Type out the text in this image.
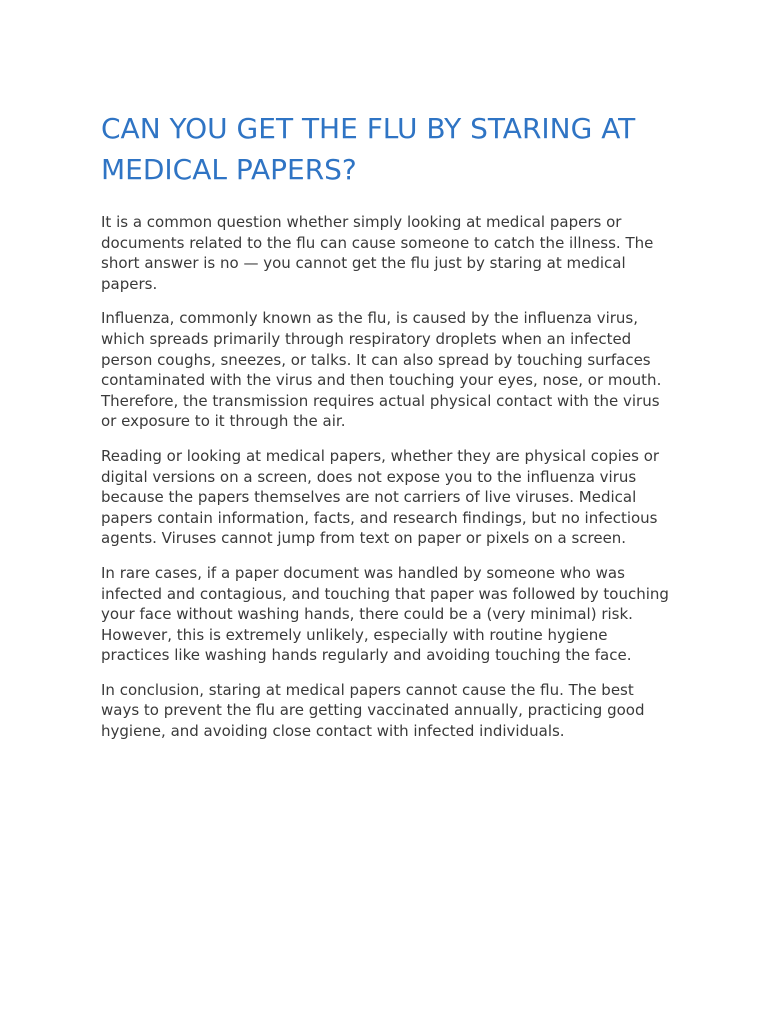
CAN YOU GET THE FLU BY STARING AT MEDICAL PAPERS?

It is a common question whether simply looking at medical papers or documents related to the flu can cause someone to catch the illness. The short answer is no — you cannot get the flu just by staring at medical papers.

Influenza, commonly known as the flu, is caused by the influenza virus, which spreads primarily through respiratory droplets when an infected person coughs, sneezes, or talks. It can also spread by touching surfaces contaminated with the virus and then touching your eyes, nose, or mouth. Therefore, the transmission requires actual physical contact with the virus or exposure to it through the air.

Reading or looking at medical papers, whether they are physical copies or digital versions on a screen, does not expose you to the influenza virus because the papers themselves are not carriers of live viruses. Medical papers contain information, facts, and research findings, but no infectious agents. Viruses cannot jump from text on paper or pixels on a screen.

In rare cases, if a paper document was handled by someone who was infected and contagious, and touching that paper was followed by touching your face without washing hands, there could be a (very minimal) risk. However, this is extremely unlikely, especially with routine hygiene practices like washing hands regularly and avoiding touching the face.

In conclusion, staring at medical papers cannot cause the flu. The best ways to prevent the flu are getting vaccinated annually, practicing good hygiene, and avoiding close contact with infected individuals.
